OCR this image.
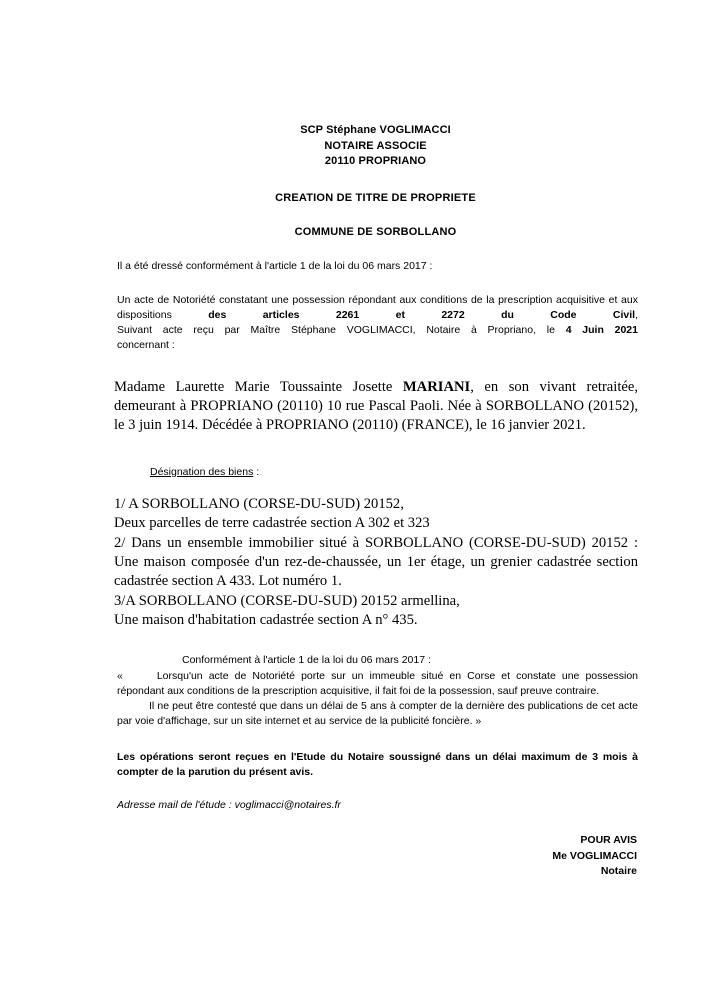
SCP Stéphane VOGLIMACCI
NOTAIRE ASSOCIE
20110 PROPRIANO
CREATION DE TITRE DE PROPRIETE
COMMUNE DE SORBOLLANO
Il a été dressé conformément à l'article 1 de la loi du 06 mars 2017 :
Un acte de Notoriété constatant une possession répondant aux conditions de la prescription acquisitive et aux dispositions des articles 2261 et 2272 du Code Civil,
Suivant acte reçu par Maître Stéphane VOGLIMACCI, Notaire à Propriano, le 4 Juin 2021
concernant :
Madame Laurette Marie Toussainte Josette MARIANI, en son vivant retraitée, demeurant à PROPRIANO (20110) 10 rue Pascal Paoli. Née à SORBOLLANO (20152), le 3 juin 1914. Décédée à PROPRIANO (20110) (FRANCE), le 16 janvier 2021.
Désignation des biens :
1/ A SORBOLLANO (CORSE-DU-SUD) 20152,
Deux parcelles de terre cadastrée section A 302 et 323
2/ Dans un ensemble immobilier situé à SORBOLLANO (CORSE-DU-SUD) 20152 : Une maison composée d'un rez-de-chaussée, un 1er étage, un grenier cadastrée section cadastrée section A 433. Lot numéro 1.
3/A SORBOLLANO (CORSE-DU-SUD) 20152 armellina,
Une maison d'habitation cadastrée section A n° 435.
Conformément à l'article 1 de la loi du 06 mars 2017 :

«	Lorsqu'un acte de Notoriété porte sur un immeuble situé en Corse et constate une possession répondant aux conditions de la prescription acquisitive, il fait foi de la possession, sauf preuve contraire.

Il ne peut être contesté que dans un délai de 5 ans à compter de la dernière des publications de cet acte par voie d'affichage, sur un site internet et au service de la publicité foncière. »

Les opérations seront reçues en l'Etude du Notaire soussigné dans un délai maximum de 3 mois à compter de la parution du présent avis.
Adresse mail de l'étude : voglimacci@notaires.fr
POUR AVIS
Me VOGLIMACCI
Notaire
